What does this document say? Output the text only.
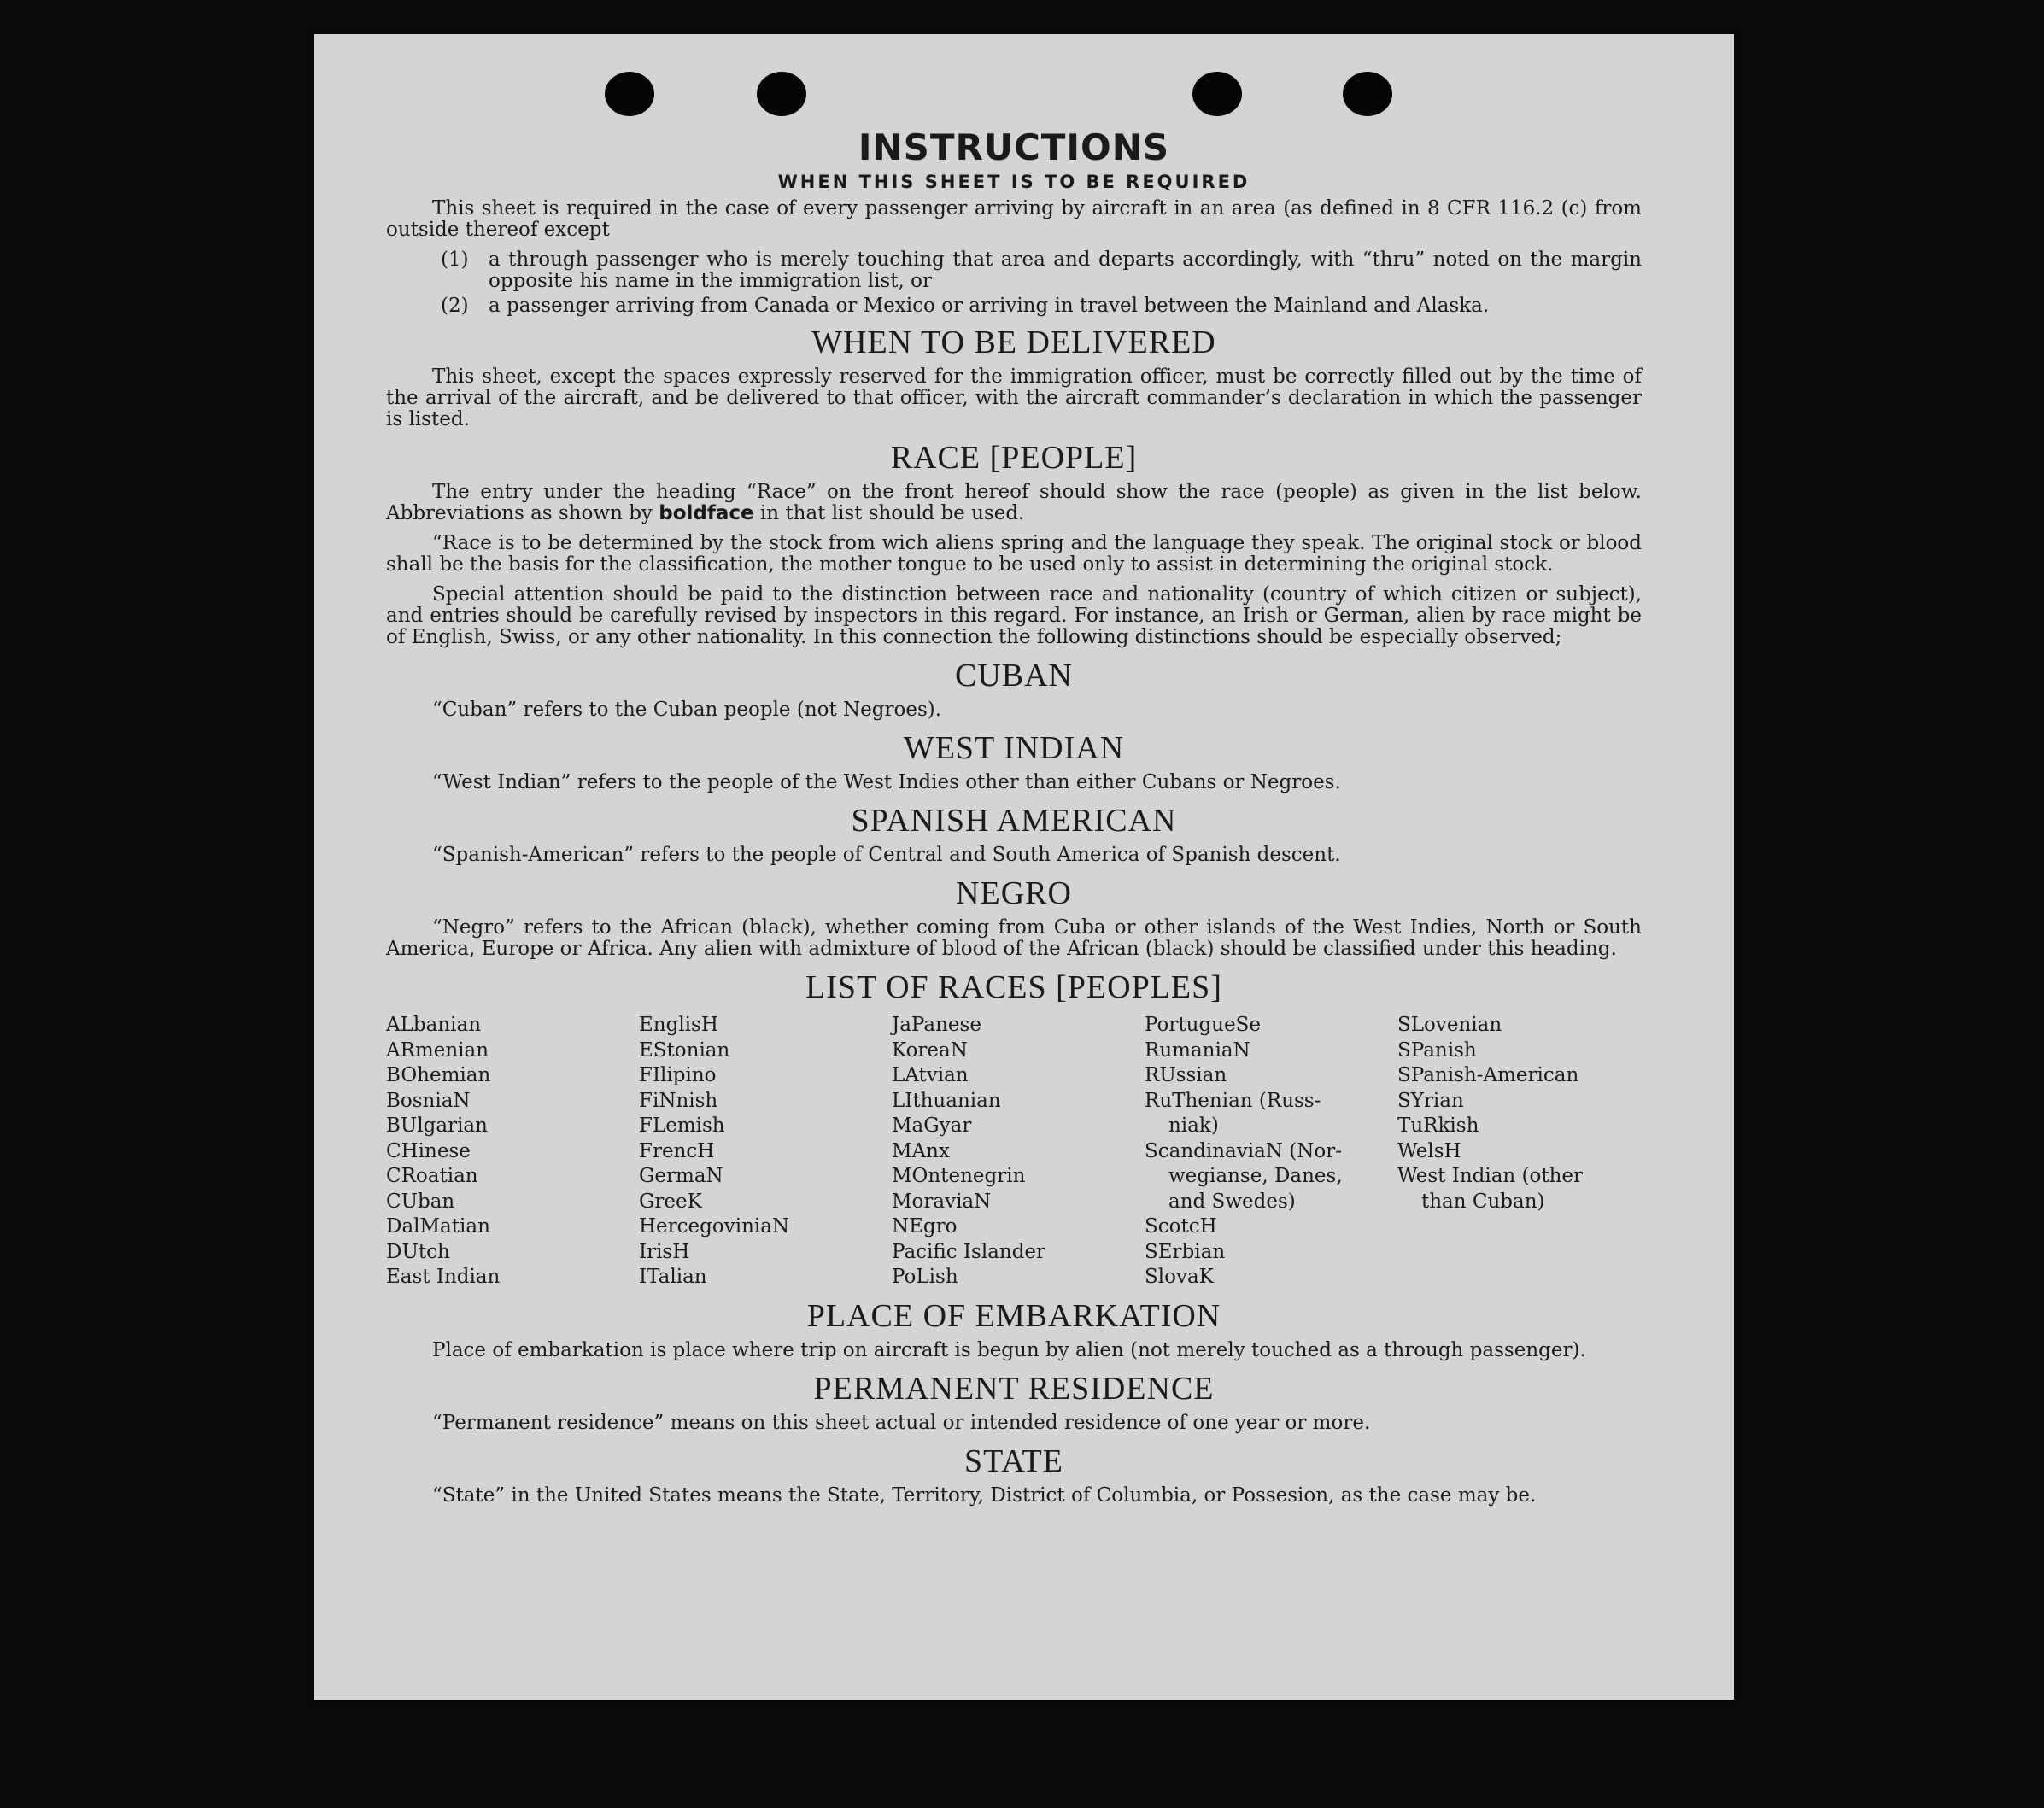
INSTRUCTIONS
WHEN THIS SHEET IS TO BE REQUIRED

This sheet is required in the case of every passenger arriving by aircraft in an area (as defined in 8 CFR 116.2 (c) from outside thereof except

(1) a through passenger who is merely touching that area and departs accordingly, with “thru” noted on the margin opposite his name in the immigration list, or
(2) a passenger arriving from Canada or Mexico or arriving in travel between the Mainland and Alaska.
WHEN TO BE DELIVERED

This sheet, except the spaces expressly reserved for the immigration officer, must be correctly filled out by the time of the arrival of the aircraft, and be delivered to that officer, with the aircraft commander’s declaration in which the passenger is listed.

RACE [PEOPLE]

The entry under the heading “Race” on the front hereof should show the race (people) as given in the list below. Abbreviations as shown by boldface in that list should be used.

“Race is to be determined by the stock from wich aliens spring and the language they speak. The original stock or blood shall be the basis for the classification, the mother tongue to be used only to assist in determining the original stock.

Special attention should be paid to the distinction between race and nationality (country of which citizen or subject), and entries should be carefully revised by inspectors in this regard. For instance, an Irish or German, alien by race might be of English, Swiss, or any other nationality. In this connection the following distinctions should be especially observed;

CUBAN

“Cuban” refers to the Cuban people (not Negroes).

WEST INDIAN

“West Indian” refers to the people of the West Indies other than either Cubans or Negroes.

SPANISH AMERICAN

“Spanish-American” refers to the people of Central and South America of Spanish descent.

NEGRO

“Negro” refers to the African (black), whether coming from Cuba or other islands of the West Indies, North or South America, Europe or Africa. Any alien with admixture of blood of the African (black) should be classified under this heading.

LIST OF RACES [PEOPLES]
ALbanian
ARmenian
BOhemian
BosniaN
BUlgarian
CHinese
CRoatian
CUban
DalMatian
DUtch
East Indian
EnglisH
EStonian
FIlipino
FiNnish
FLemish
FrencH
GermaN
GreeK
HercegoviniaN
IrisH
ITalian
JaPanese
KoreaN
LAtvian
LIthuanian
MaGyar
MAnx
MOntenegrin
MoraviaN
NEgro
Pacific Islander
PoLish
PortugueSe
RumaniaN
RUssian
RuThenian (Russ-
niak)
ScandinaviaN (Nor-
wegianse, Danes,
and Swedes)
ScotcH
SErbian
SlovaK
SLovenian
SPanish
SPanish-American
SYrian
TuRkish
WelsH
West Indian (other
than Cuban)
PLACE OF EMBARKATION

Place of embarkation is place where trip on aircraft is begun by alien (not merely touched as a through passenger).

PERMANENT RESIDENCE

“Permanent residence” means on this sheet actual or intended residence of one year or more.

STATE

“State” in the United States means the State, Territory, District of Columbia, or Possesion, as the case may be.
